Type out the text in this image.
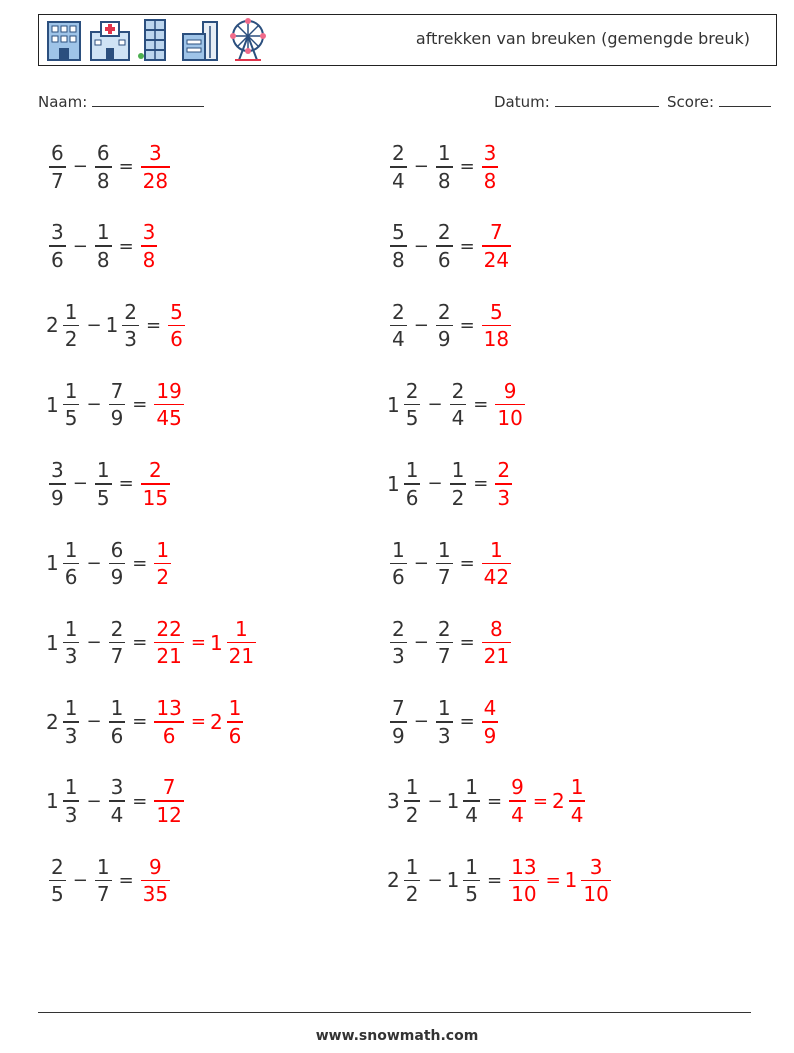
aftrekken van breuken (gemengde breuk)
Naam:	Datum:	Score:
$\frac{6}{7} - \frac{6}{8} = \frac{3}{28}$	$\frac{2}{4} - \frac{1}{8} = \frac{3}{8}$
$\frac{3}{6} - \frac{1}{8} = \frac{3}{8}$	$\frac{5}{8} - \frac{2}{6} = \frac{7}{24}$
$2 \frac{1}{2} - 1 \frac{2}{3} = \frac{5}{6}$	$\frac{2}{4} - \frac{2}{9} = \frac{5}{18}$
$1 \frac{1}{5} - \frac{7}{9} = \frac{19}{45}$	$1 \frac{2}{5} - \frac{2}{4} = \frac{9}{10}$
$\frac{3}{9} - \frac{1}{5} = \frac{2}{15}$	$1 \frac{1}{6} - \frac{1}{2} = \frac{2}{3}$
$1 \frac{1}{6} - \frac{6}{9} = \frac{1}{2}$	$\frac{1}{6} - \frac{1}{7} = \frac{1}{42}$
$1 \frac{1}{3} - \frac{2}{7} = \frac{22}{21} = 1 \frac{1}{21}$	$\frac{2}{3} - \frac{2}{7} = \frac{8}{21}$
$2 \frac{1}{3} - \frac{1}{6} = \frac{13}{6} = 2 \frac{1}{6}$	$\frac{7}{9} - \frac{1}{3} = \frac{4}{9}$
$1 \frac{1}{3} - \frac{3}{4} = \frac{7}{12}$	$3 \frac{1}{2} - 1 \frac{1}{4} = \frac{9}{4} = 2 \frac{1}{4}$
$\frac{2}{5} - \frac{1}{7} = \frac{9}{35}$	$2 \frac{1}{2} - 1 \frac{1}{5} = \frac{13}{10} = 1 \frac{3}{10}$
www.snowmath.com
